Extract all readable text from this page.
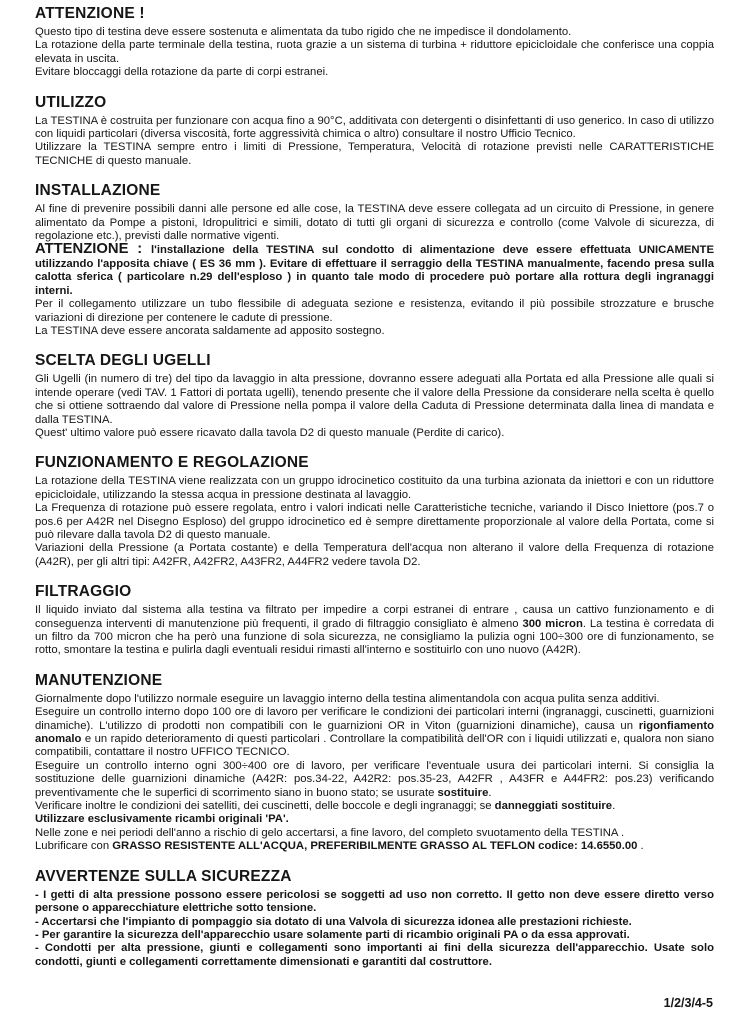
ATTENZIONE !

Questo tipo di testina deve essere sostenuta e alimentata da tubo rigido che ne impedisce il dondolamento.

La rotazione della parte terminale della testina, ruota grazie a un sistema di turbina + riduttore epicicloidale che conferisce una coppia elevata in uscita.

Evitare bloccaggi della rotazione da parte di corpi estranei.

UTILIZZO

La TESTINA è costruita per funzionare con acqua fino a 90°C, additivata con detergenti o disinfettanti di uso generico. In caso di utilizzo con liquidi particolari (diversa viscosità, forte aggressività chimica o altro) consultare il nostro Ufficio Tecnico.

Utilizzare la TESTINA sempre entro i limiti di Pressione, Temperatura, Velocità di rotazione previsti nelle CARATTERISTICHE TECNICHE di questo manuale.

INSTALLAZIONE

Al fine di prevenire possibili danni alle persone ed alle cose, la TESTINA deve essere collegata ad un circuito di Pressione, in genere alimentato da Pompe a pistoni, Idropulitrici e simili, dotato di tutti gli organi di sicurezza e controllo (come Valvole di sicurezza, di regolazione etc.), previsti dalle normative vigenti.

ATTENZIONE : l'installazione della TESTINA sul condotto di alimentazione deve essere effettuata UNICAMENTE utilizzando l'apposita chiave ( ES 36 mm ). Evitare di effettuare il serraggio della TESTINA manualmente, facendo presa sulla calotta sferica ( particolare n.29 dell'esploso ) in quanto tale modo di procedere può portare alla rottura degli ingranaggi interni.

Per il collegamento utilizzare un tubo flessibile di adeguata sezione e resistenza, evitando il più possibile strozzature e brusche variazioni di direzione per contenere le cadute di pressione.

La TESTINA deve essere ancorata saldamente ad apposito sostegno.

SCELTA DEGLI UGELLI

Gli Ugelli (in numero di tre) del tipo da lavaggio in alta pressione, dovranno essere adeguati alla Portata ed alla Pressione alle quali si intende operare (vedi TAV. 1 Fattori di portata ugelli), tenendo presente che il valore della Pressione da considerare nella scelta è quello che si ottiene sottraendo dal valore di Pressione nella pompa il valore della Caduta di Pressione determinata dalla linea di mandata e dalla TESTINA.

Quest' ultimo valore può essere ricavato dalla tavola D2 di questo manuale (Perdite di carico).

FUNZIONAMENTO E REGOLAZIONE

La rotazione della TESTINA viene realizzata con un gruppo idrocinetico costituito da una turbina azionata da iniettori e con un riduttore epicicloidale, utilizzando la stessa acqua in pressione destinata al lavaggio.

La Frequenza di rotazione può essere regolata, entro i valori indicati nelle Caratteristiche tecniche, variando il Disco Iniettore (pos.7 o pos.6 per A42R nel Disegno Esploso) del gruppo idrocinetico ed è sempre direttamente proporzionale al valore della Portata, come si può rilevare dalla tavola D2 di questo manuale.

Variazioni della Pressione (a Portata costante) e della Temperatura dell'acqua non alterano il valore della Frequenza di rotazione (A42R), per gli altri tipi: A42FR, A42FR2, A43FR2, A44FR2 vedere tavola D2.

FILTRAGGIO

Il liquido inviato dal sistema alla testina va filtrato per impedire a corpi estranei di entrare , causa un cattivo funzionamento e di conseguenza interventi di manutenzione più frequenti, il grado di filtraggio consigliato è almeno 300 micron. La testina è corredata di un filtro da 700 micron che ha però una funzione di sola sicurezza, ne consigliamo la pulizia ogni 100÷300 ore di funzionamento, se rotto, smontare la testina e pulirla dagli eventuali residui rimasti all'interno e sostituirlo con uno nuovo (A42R).

MANUTENZIONE

Giornalmente dopo l'utilizzo normale eseguire un lavaggio interno della testina alimentandola con acqua pulita senza additivi.

Eseguire un controllo interno dopo 100 ore di lavoro per verificare le condizioni dei particolari interni (ingranaggi, cuscinetti, guarnizioni dinamiche). L'utilizzo di prodotti non compatibili con le guarnizioni OR in Viton (guarnizioni dinamiche), causa un rigonfiamento anomalo e un rapido deterioramento di questi particolari . Controllare la compatibilità dell'OR con i liquidi utilizzati e, qualora non siano compatibili, contattare il nostro UFFICO TECNICO.

Eseguire un controllo interno ogni 300÷400 ore di lavoro, per verificare l'eventuale usura dei particolari interni. Si consiglia la sostituzione delle guarnizioni dinamiche (A42R: pos.34-22, A42R2: pos.35-23, A42FR , A43FR e A44FR2: pos.23) verificando preventivamente che le superfici di scorrimento siano in buono stato; se usurate sostituire.

Verificare inoltre le condizioni dei satelliti, dei cuscinetti, delle boccole e degli ingranaggi; se danneggiati sostituire.

Utilizzare esclusivamente ricambi originali 'PA'.

Nelle zone e nei periodi dell'anno a rischio di gelo accertarsi, a fine lavoro, del completo svuotamento della TESTINA .

Lubrificare con GRASSO RESISTENTE ALL'ACQUA, PREFERIBILMENTE GRASSO AL TEFLON codice: 14.6550.00 .

AVVERTENZE SULLA SICUREZZA

- I getti di alta pressione possono essere pericolosi se soggetti ad uso non corretto. Il getto non deve essere diretto verso persone o apparecchiature elettriche sotto tensione.

- Accertarsi che l'impianto di pompaggio sia dotato di una Valvola di sicurezza idonea alle prestazioni richieste.

- Per garantire la sicurezza dell'apparecchio usare solamente parti di ricambio originali PA o da essa approvati.

- Condotti per alta pressione, giunti e collegamenti sono importanti ai fini della sicurezza dell'apparecchio. Usate solo condotti, giunti e collegamenti correttamente dimensionati e garantiti dal costruttore.

1/2/3/4-5
